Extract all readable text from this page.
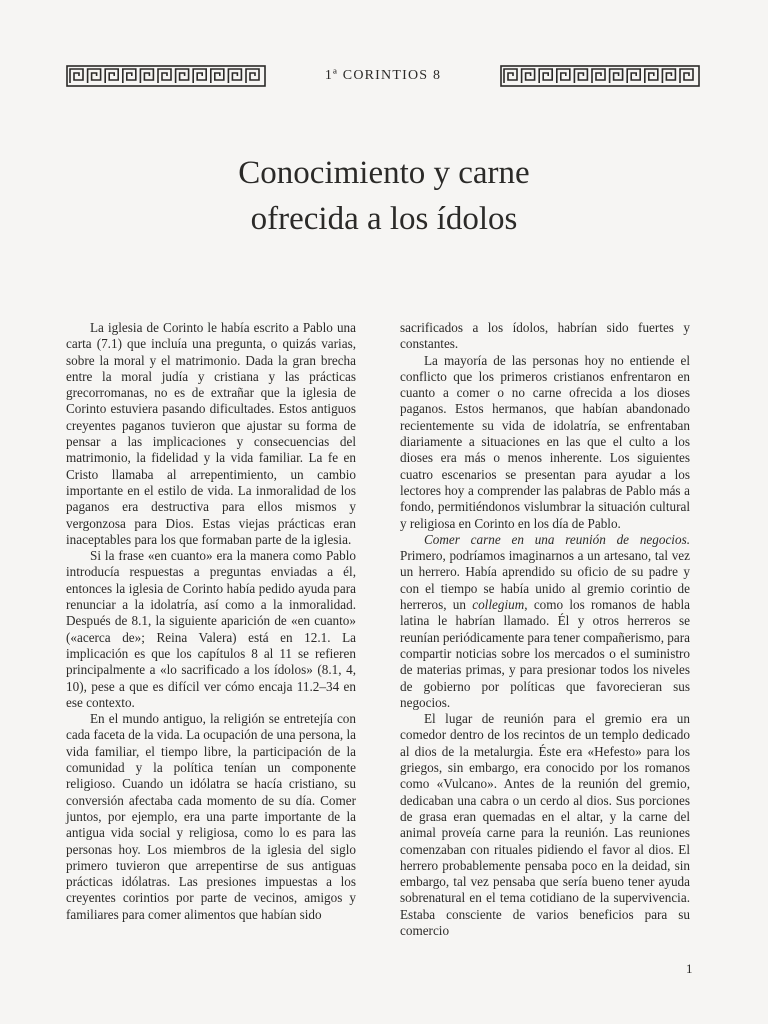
1ª CORINTIOS 8
Conocimiento y carne
ofrecida a los ídolos

La iglesia de Corinto le había escrito a Pablo una carta (7.1) que incluía una pregunta, o quizás varias, sobre la moral y el matrimonio. Dada la gran brecha entre la moral judía y cristiana y las prácticas grecorromanas, no es de extrañar que la iglesia de Corinto estuviera pasando dificultades. Estos antiguos creyentes paganos tuvieron que ajustar su forma de pensar a las implicaciones y consecuencias del matrimonio, la fidelidad y la vida familiar. La fe en Cristo llamaba al arrepentimiento, un cambio importante en el estilo de vida. La inmoralidad de los paganos era destructiva para ellos mismos y vergonzosa para Dios. Estas viejas prácticas eran inaceptables para los que formaban parte de la iglesia.

Si la frase «en cuanto» era la manera como Pablo introducía respuestas a preguntas enviadas a él, entonces la iglesia de Corinto había pedido ayuda para renunciar a la idolatría, así como a la inmoralidad. Después de 8.1, la siguiente aparición de «en cuanto» («acerca de»; Reina Valera) está en 12.1. La implicación es que los capítulos 8 al 11 se refieren principalmente a «lo sacrificado a los ídolos» (8.1, 4, 10), pese a que es difícil ver cómo encaja 11.2–34 en ese contexto.

En el mundo antiguo, la religión se entretejía con cada faceta de la vida. La ocupación de una persona, la vida familiar, el tiempo libre, la participación de la comunidad y la política tenían un componente religioso. Cuando un idólatra se hacía cristiano, su conversión afectaba cada momento de su día. Comer juntos, por ejemplo, era una parte importante de la antigua vida social y religiosa, como lo es para las personas hoy. Los miembros de la iglesia del siglo primero tuvieron que arrepentirse de sus antiguas prácticas idólatras. Las presiones impuestas a los creyentes corintios por parte de vecinos, amigos y familiares para comer alimentos que habían sido

sacrificados a los ídolos, habrían sido fuertes y constantes.

La mayoría de las personas hoy no entiende el conflicto que los primeros cristianos enfrentaron en cuanto a comer o no carne ofrecida a los dioses paganos. Estos hermanos, que habían abandonado recientemente su vida de idolatría, se enfrentaban diariamente a situaciones en las que el culto a los dioses era más o menos inherente. Los siguientes cuatro escenarios se presentan para ayudar a los lectores hoy a comprender las palabras de Pablo más a fondo, permitiéndonos vislumbrar la situación cultural y religiosa en Corinto en los día de Pablo.

Comer carne en una reunión de negocios. Primero, podríamos imaginarnos a un artesano, tal vez un herrero. Había aprendido su oficio de su padre y con el tiempo se había unido al gremio corintio de herreros, un collegium, como los romanos de habla latina le habrían llamado. Él y otros herreros se reunían periódicamente para tener compañerismo, para compartir noticias sobre los mercados o el suministro de materias primas, y para presionar todos los niveles de gobierno por políticas que favorecieran sus negocios.

El lugar de reunión para el gremio era un comedor dentro de los recintos de un templo dedicado al dios de la metalurgia. Éste era «Hefesto» para los griegos, sin embargo, era conocido por los romanos como «Vulcano». Antes de la reunión del gremio, dedicaban una cabra o un cerdo al dios. Sus porciones de grasa eran quemadas en el altar, y la carne del animal proveía carne para la reunión. Las reuniones comenzaban con rituales pidiendo el favor al dios. El herrero probablemente pensaba poco en la deidad, sin embargo, tal vez pensaba que sería bueno tener ayuda sobrenatural en el tema cotidiano de la supervivencia. Estaba consciente de varios beneficios para su comercio

1
